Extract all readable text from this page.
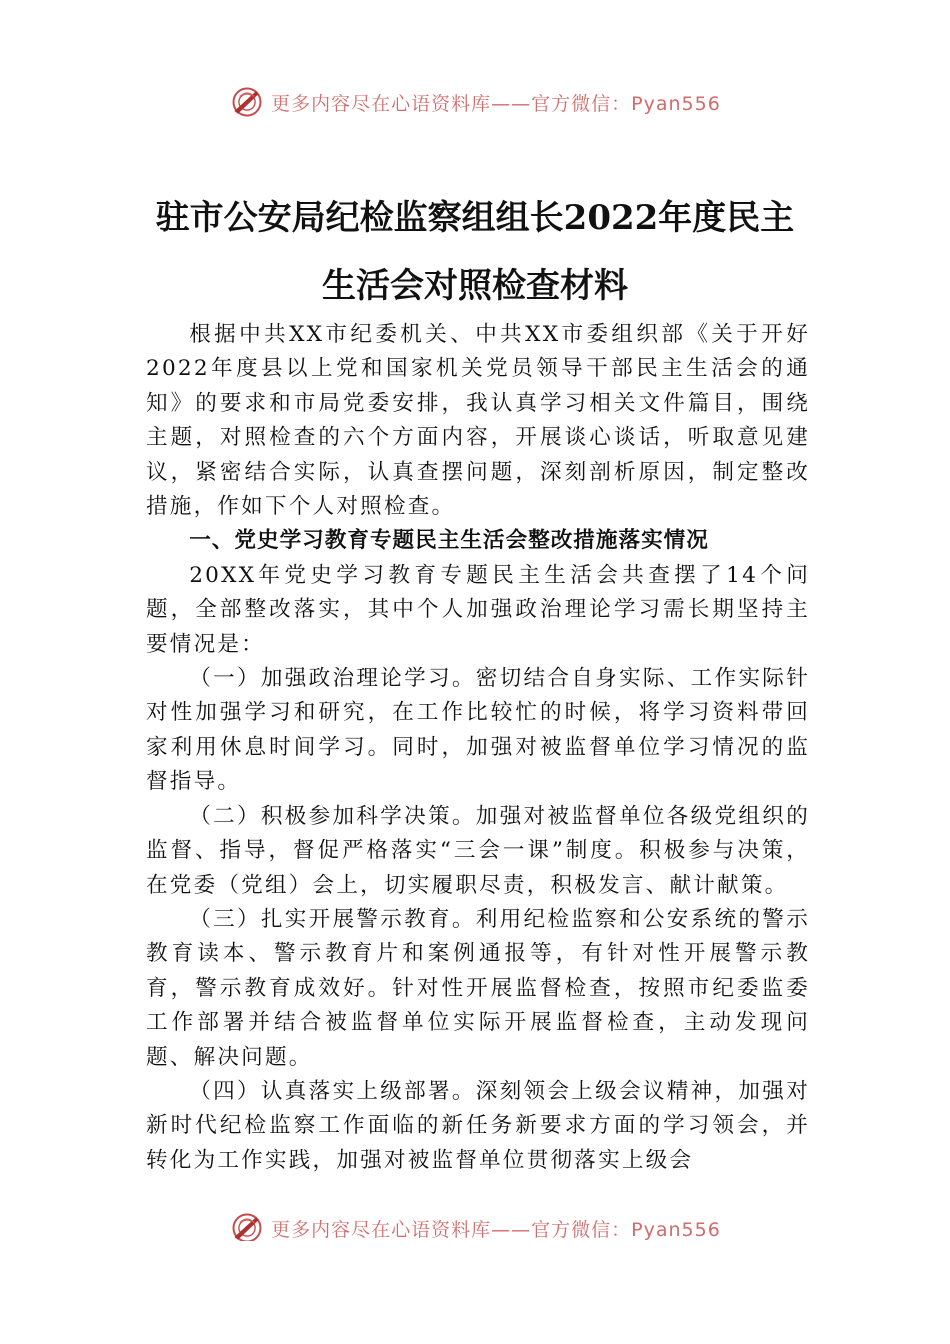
更多内容尽在心语资料库——官方微信：Pyan556
驻市公安局纪检监察组组长2022年度民主
生活会对照检查材料

根据中共XX市纪委机关、中共XX市委组织部《关于开好2022年度县以上党和国家机关党员领导干部民主生活会的通知》的要求和市局党委安排，我认真学习相关文件篇目，围绕主题，对照检查的六个方面内容，开展谈心谈话，听取意见建议，紧密结合实际，认真查摆问题，深刻剖析原因，制定整改措施，作如下个人对照检查。

一、党史学习教育专题民主生活会整改措施落实情况

20XX年党史学习教育专题民主生活会共查摆了14个问题，全部整改落实，其中个人加强政治理论学习需长期坚持主要情况是：

（一）加强政治理论学习。密切结合自身实际、工作实际针对性加强学习和研究，在工作比较忙的时候，将学习资料带回家利用休息时间学习。同时，加强对被监督单位学习情况的监督指导。

（二）积极参加科学决策。加强对被监督单位各级党组织的监督、指导，督促严格落实“三会一课”制度。积极参与决策，在党委（党组）会上，切实履职尽责，积极发言、献计献策。

（三）扎实开展警示教育。利用纪检监察和公安系统的警示教育读本、警示教育片和案例通报等，有针对性开展警示教育，警示教育成效好。针对性开展监督检查，按照市纪委监委工作部署并结合被监督单位实际开展监督检查，主动发现问题、解决问题。

（四）认真落实上级部署。深刻领会上级会议精神，加强对新时代纪检监察工作面临的新任务新要求方面的学习领会，并转化为工作实践，加强对被监督单位贯彻落实上级会

更多内容尽在心语资料库——官方微信：Pyan556
